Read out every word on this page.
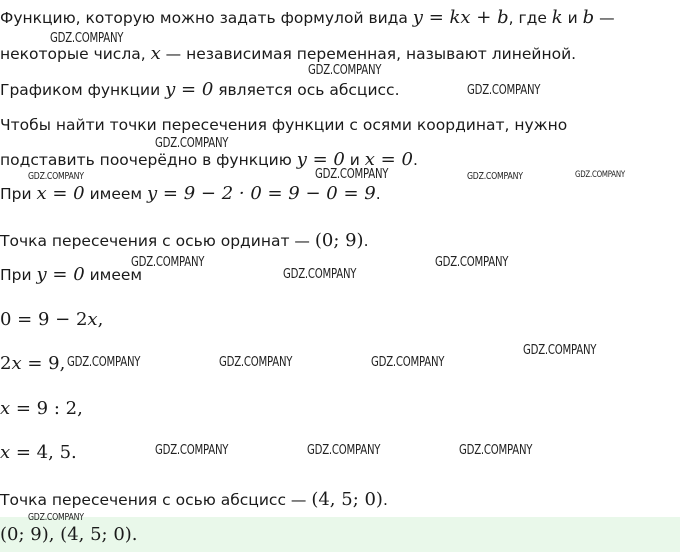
Функцию, которую можно задать формулой вида y = kx + b, где k и b —
некоторые числа, x — независимая переменная, называют линейной.
Графиком функции y = 0 является ось абсцисс.
Чтобы найти точки пересечения функции с осями координат, нужно
подставить поочерёдно в функцию y = 0 и x = 0.
При x = 0 имеем y = 9 − 2 · 0 = 9 − 0 = 9.
Точка пересечения с осью ординат — (0; 9).
При y = 0 имеем
0 = 9 − 2x,
2x = 9,
x = 9 : 2,
x = 4, 5.
Точка пересечения с осью абсцисс — (4, 5; 0).
(0; 9), (4, 5; 0).
GDZ.COMPANY
GDZ.COMPANY
GDZ.COMPANY
GDZ.COMPANY
GDZ.COMPANY	GDZ.COMPANY	GDZ.COMPANY	GDZ.COMPANY
GDZ.COMPANY
GDZ.COMPANY
GDZ.COMPANY
GDZ.COMPANY
GDZ.COMPANY	GDZ.COMPANY	GDZ.COMPANY
GDZ.COMPANY	GDZ.COMPANY	GDZ.COMPANY
GDZ.COMPANY
